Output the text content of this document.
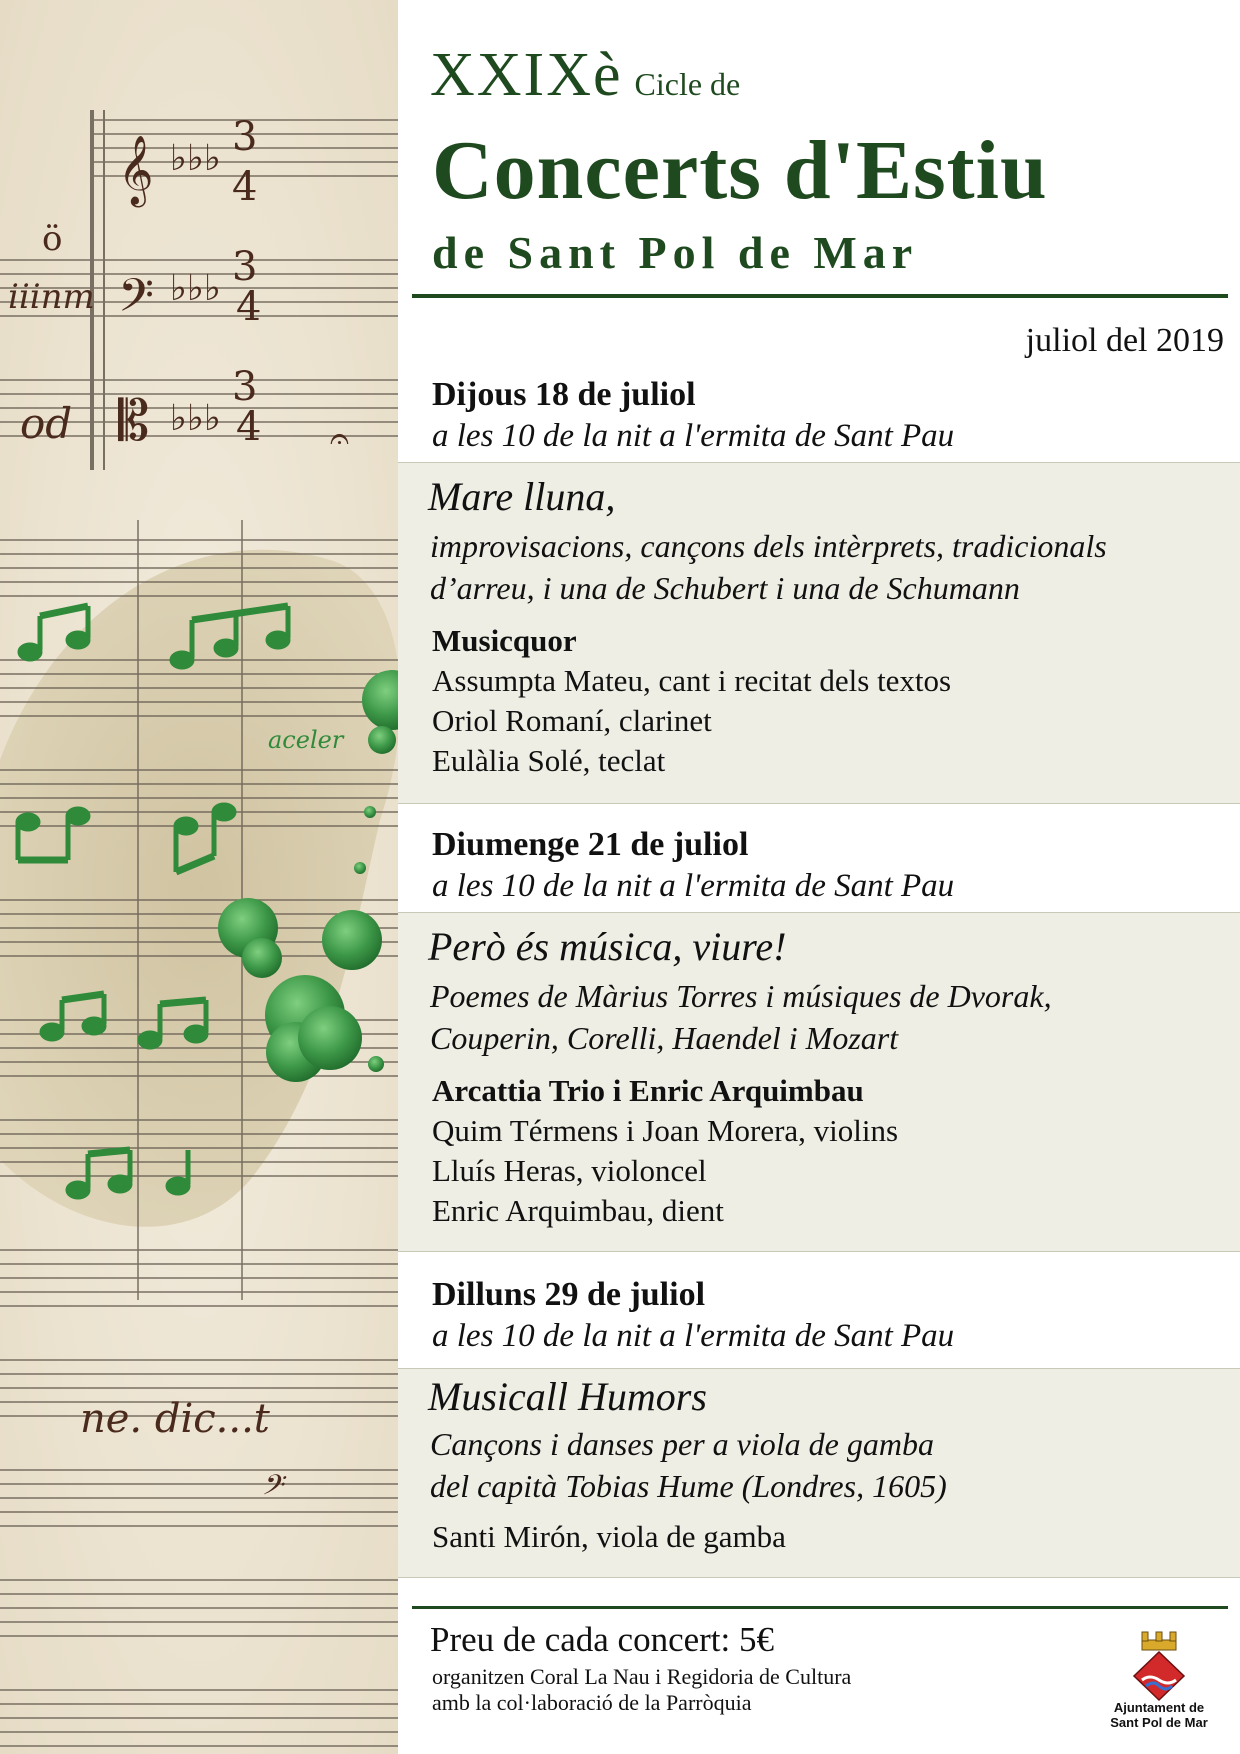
𝄞 ♭♭♭ 3
4
𝄢 ♭♭♭ 3
4
𝄡 ♭♭♭
3
4
iiinm
ö
od	𝄐
aceler
ne. dic...t
𝄢
XXIXè Cicle de
Concerts d'Estiu
de Sant Pol de Mar
juliol del 2019
Dijous 18 de juliol
a les 10 de la nit a l'ermita de Sant Pau
Mare lluna,
improvisacions, cançons dels intèrprets, tradicionals
d’arreu, i una de Schubert i una de Schumann
Musicquor
Assumpta Mateu, cant i recitat dels textos
Oriol Romaní, clarinet
Eulàlia Solé, teclat
Diumenge 21 de juliol
a les 10 de la nit a l'ermita de Sant Pau
Però és música, viure!
Poemes de Màrius Torres i músiques de Dvorak,
Couperin, Corelli, Haendel i Mozart
Arcattia Trio i Enric Arquimbau
Quim Térmens i Joan Morera, violins
Lluís Heras, violoncel
Enric Arquimbau, dient
Dilluns 29 de juliol
a les 10 de la nit a l'ermita de Sant Pau
Musicall Humors
Cançons i danses per a viola de gamba
del capità Tobias Hume (Londres, 1605)
Santi Mirón, viola de gamba
Preu de cada concert: 5€
organitzen Coral La Nau i Regidoria de Cultura
amb la col·laboració de la Parròquia	Ajuntament de
Sant Pol de Mar
